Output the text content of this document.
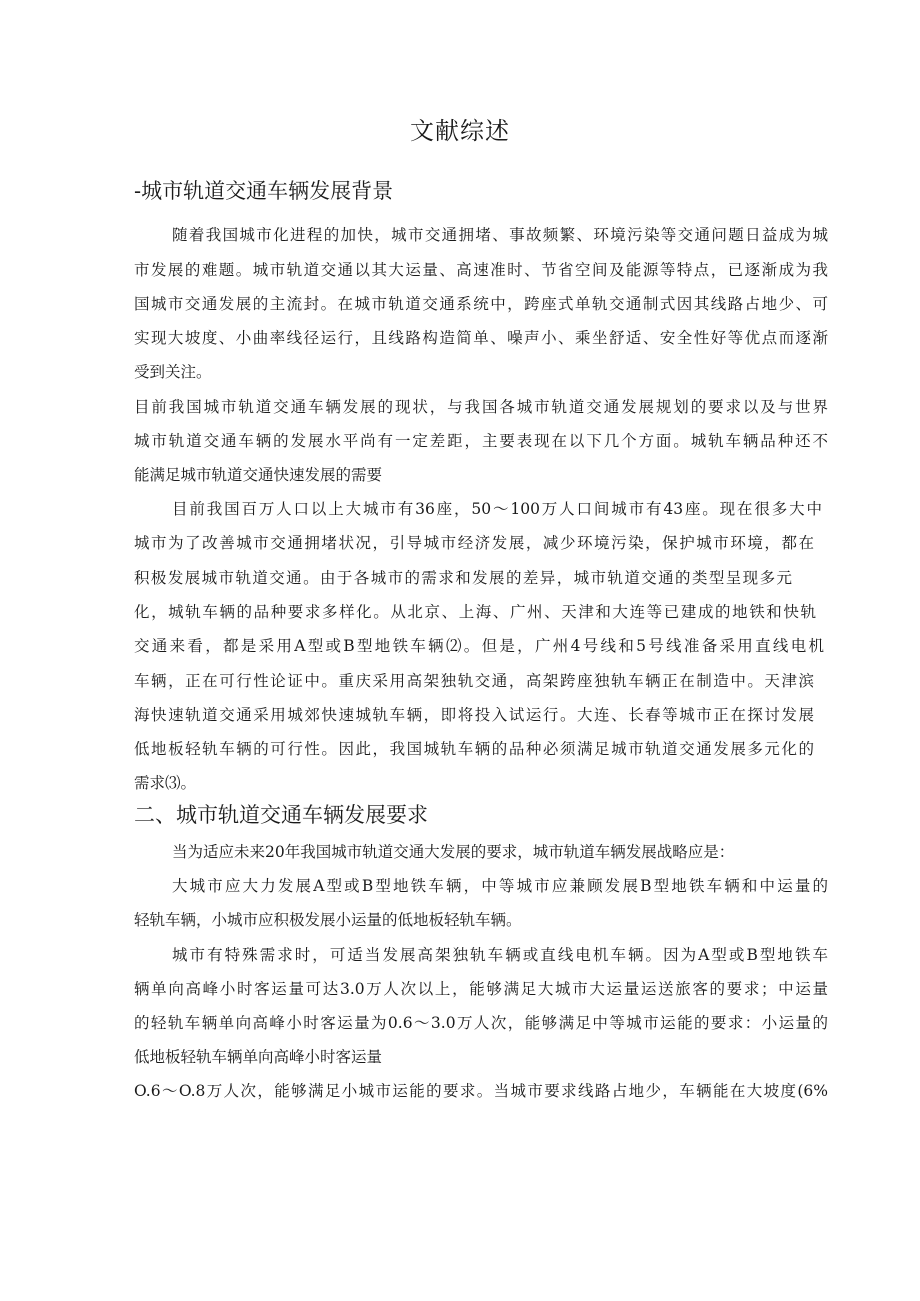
文献综述
-城市轨道交通车辆发展背景
随着我国城市化进程的加快，城市交通拥堵、事故频繁、环境污染等交通问题日益成为城
市发展的难题。城市轨道交通以其大运量、高速准时、节省空间及能源等特点，已逐渐成为我
国城市交通发展的主流封。在城市轨道交通系统中，跨座式单轨交通制式因其线路占地少、可
实现大坡度、小曲率线径运行，且线路构造简单、噪声小、乘坐舒适、安全性好等优点而逐渐
受到关注。
目前我国城市轨道交通车辆发展的现状，与我国各城市轨道交通发展规划的要求以及与世界
城市轨道交通车辆的发展水平尚有一定差距，主要表现在以下几个方面。城轨车辆品种还不
能满足城市轨道交通快速发展的需要
目前我国百万人口以上大城市有36座，50～100万人口间城市有43座。现在很多大中
城市为了改善城市交通拥堵状况，引导城市经济发展，减少环境污染，保护城市环境，都在
积极发展城市轨道交通。由于各城市的需求和发展的差异，城市轨道交通的类型呈现多元
化，城轨车辆的品种要求多样化。从北京、上海、广州、天津和大连等已建成的地铁和快轨
交通来看，都是采用A型或B型地铁车辆⑵。但是，广州4号线和5号线准备采用直线电机
车辆，正在可行性论证中。重庆采用高架独轨交通，高架跨座独轨车辆正在制造中。天津滨
海快速轨道交通采用城郊快速城轨车辆，即将投入试运行。大连、长春等城市正在探讨发展
低地板轻轨车辆的可行性。因此，我国城轨车辆的品种必须满足城市轨道交通发展多元化的
需求⑶。
二、城市轨道交通车辆发展要求
当为适应未来20年我国城市轨道交通大发展的要求，城市轨道车辆发展战略应是：
大城市应大力发展A型或B型地铁车辆，中等城市应兼顾发展B型地铁车辆和中运量的
轻轨车辆，小城市应积极发展小运量的低地板轻轨车辆。
城市有特殊需求时，可适当发展高架独轨车辆或直线电机车辆。因为A型或B型地铁车
辆单向高峰小时客运量可达3.0万人次以上，能够满足大城市大运量运送旅客的要求；中运量
的轻轨车辆单向高峰小时客运量为0.6～3.0万人次，能够满足中等城市运能的要求：小运量的
低地板轻轨车辆单向高峰小时客运量
O.6～O.8万人次，能够满足小城市运能的要求。当城市要求线路占地少，车辆能在大坡度(6%
